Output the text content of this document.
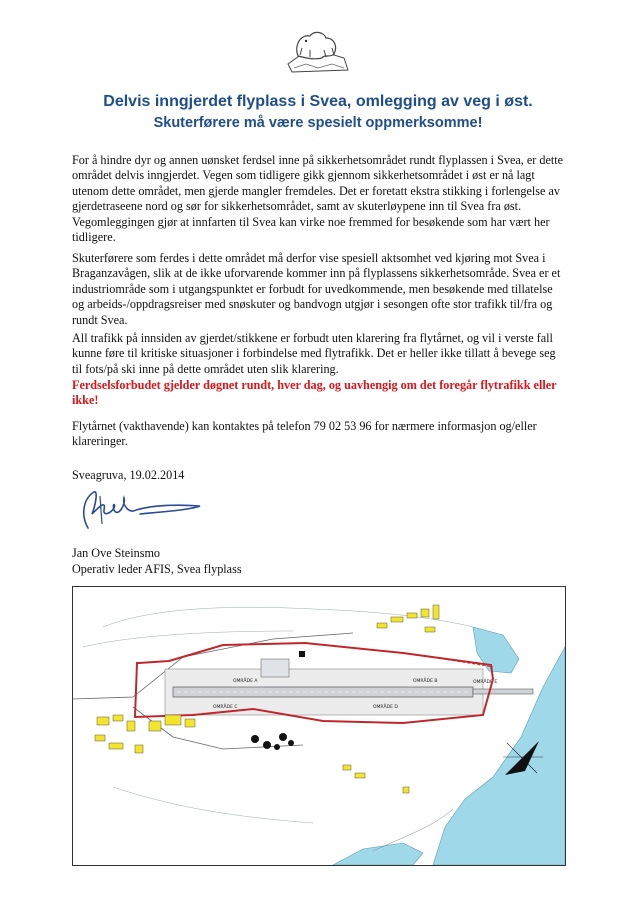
Delvis inngjerdet flyplass i Svea, omlegging av veg i øst.
Skuterførere må være spesielt oppmerksomme!

For å hindre dyr og annen uønsket ferdsel inne på sikkerhetsområdet rundt flyplassen i Svea, er dette området delvis inngjerdet. Vegen som tidligere gikk gjennom sikkerhetsområdet i øst er nå lagt utenom dette området, men gjerde mangler fremdeles. Det er foretatt ekstra stikking i forlengelse av gjerdetraseene nord og sør for sikkerhetsområdet, samt av skuterløypene inn til Svea fra øst. Vegomleggingen gjør at innfarten til Svea kan virke noe fremmed for besøkende som har vært her tidligere.

Skuterførere som ferdes i dette området må derfor vise spesiell aktsomhet ved kjøring mot Svea i Braganzavågen, slik at de ikke uforvarende kommer inn på flyplassens sikkerhetsområde. Svea er et industriområde som i utgangspunktet er forbudt for uvedkommende, men besøkende med tillatelse og arbeids-/oppdragsreiser med snøskuter og bandvogn utgjør i sesongen ofte stor trafikk til/fra og rundt Svea.

All trafikk på innsiden av gjerdet/stikkene er forbudt uten klarering fra flytårnet, og vil i verste fall kunne føre til kritiske situasjoner i forbindelse med flytrafikk. Det er heller ikke tillatt å bevege seg til fots/på ski inne på dette området uten slik klarering.

Ferdselsforbudet gjelder døgnet rundt, hver dag, og uavhengig om det foregår flytrafikk eller ikke!

Flytårnet (vakthavende) kan kontaktes på telefon 79 02 53 96 for nærmere informasjon og/eller klareringer.

Sveagruva, 19.02.2014
Jan Ove Steinsmo
Operativ leder AFIS, Svea flyplass
OMRÅDE A	OMRÅDE B
OMRÅDE C	OMRÅDE D
OMRÅDE E
